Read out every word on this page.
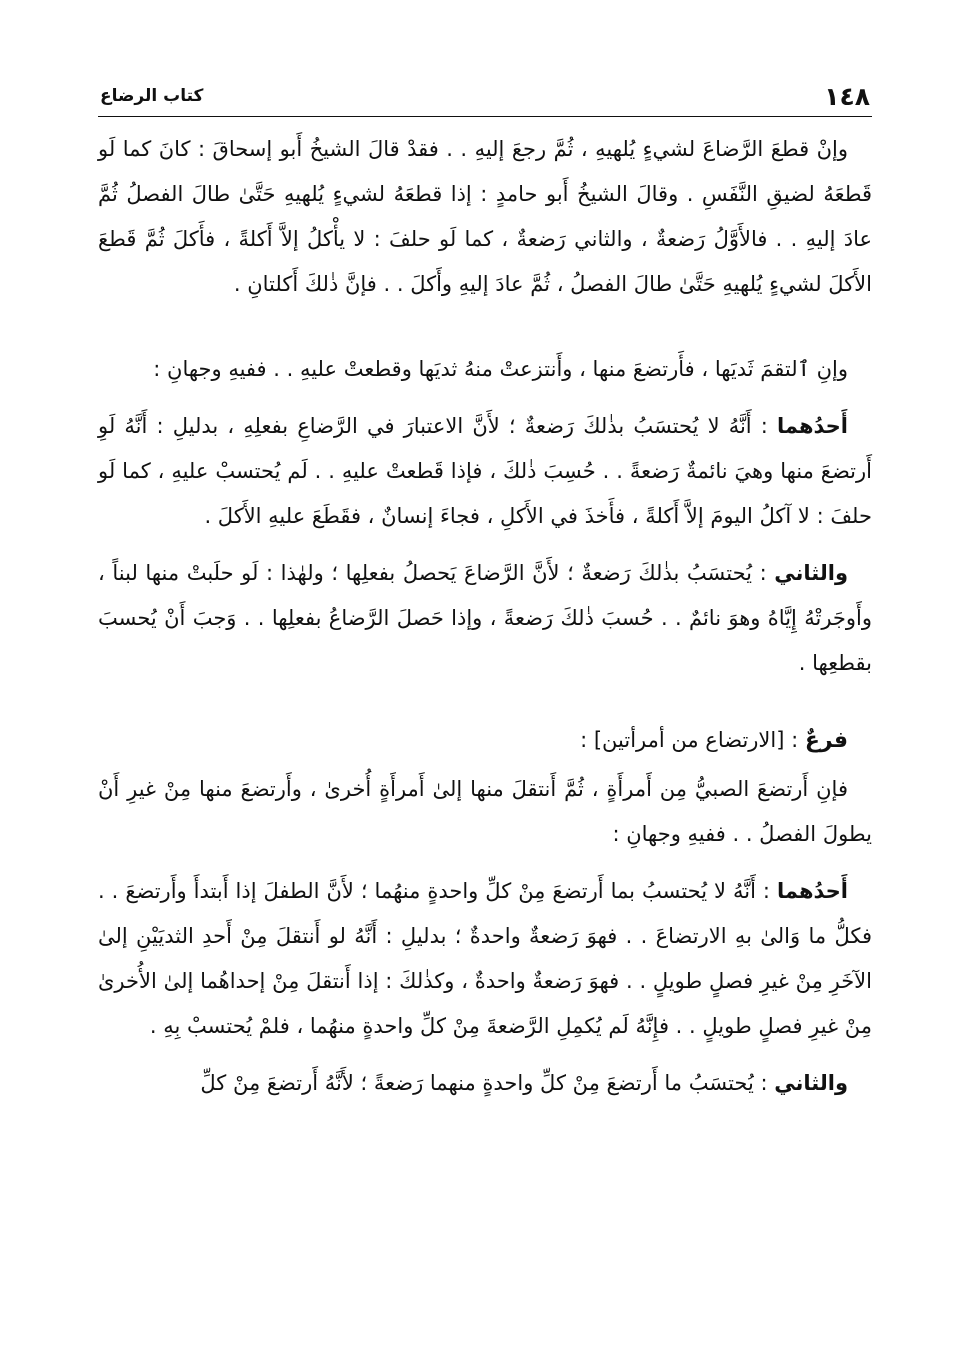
١٤٨
كتاب الرضاع

وإنْ قطعَ الرَّضاعَ لشيءٍ يُلهيهِ ، ثُمَّ رجعَ إليهِ . . فقدْ قالَ الشيخُ أَبو إسحاقَ : كانَ كما لَو قَطعَهُ لضيقِ النَّفَسِ . وقالَ الشيخُ أَبو حامدٍ : إذا قطعَهُ لشيءٍ يُلهيهِ حَتَّىٰ طالَ الفصلُ ثُمَّ عادَ إليهِ . . فالأَوَّلُ رَضعةٌ ، والثاني رَضعةٌ ، كما لَو حلفَ : لا يأْكلُ إلاَّ أَكلةً ، فأَكلَ ثُمَّ قَطعَ الأَكلَ لشيءٍ يُلهيهِ حَتَّىٰ طالَ الفصلُ ، ثُمَّ عادَ إليهِ وأَكلَ . . فإنَّ ذٰلكَ أَكلتانِ .

وإنِ ٱلتقمَ ثَديَها ، فأَرتضعَ منها ، وأَنتزعتْ منهُ ثديَها وقطعتْ عليهِ . . ففيهِ وجهانِ :

أَحدُهما : أَنَّهُ لا يُحتسَبُ بذٰلكَ رَضعةٌ ؛ لأَنَّ الاعتبارَ في الرَّضاعِ بفعلِهِ ، بدليلِ : أَنَّهُ لَوِ أَرتضعَ منها وهيَ نائمةٌ رَضعةً . . حُسِبَ ذٰلكَ ، فإذا قَطعتْ عليهِ . . لَم يُحتسبْ عليهِ ، كما لَو حلفَ : لا آكلُ اليومَ إلاَّ أَكلةً ، فأَخذَ في الأَكلِ ، فجاءَ إنسانٌ ، فقَطَعَ عليهِ الأَكلَ .

والثاني : يُحتسَبُ بذٰلكَ رَضعةٌ ؛ لأَنَّ الرَّضاعَ يَحصلُ بفعلِها ؛ ولهٰذا : لَو حلَبتْ منها لبناً ، وأَوجَرتْهُ إِيَّاهُ وهوَ نائمٌ . . حُسبَ ذٰلكَ رَضعةً ، وإذا حَصلَ الرَّضاعُ بفعلِها . . وَجبَ أَنْ يُحسبَ بقطعِها .

فرعٌ : [الارتضاع من أمرأتين] :

فإنِ أَرتضعَ الصبيُّ مِن أَمرأَةٍ ، ثُمَّ أَنتقلَ منها إلىٰ أَمرأَةٍ أُخرىٰ ، وأَرتضعَ منها مِنْ غيرِ أَنْ يطولَ الفصلُ . . ففيهِ وجهانِ :

أَحدُهما : أَنَّهُ لا يُحتسبُ بما أَرتضعَ مِنْ كلِّ واحدةٍ منهُما ؛ لأَنَّ الطفلَ إذا أَبتدأَ وأَرتضعَ . . فكلُّ ما وَالىٰ بهِ الارتضاعَ . . فهوَ رَضعةٌ واحدةٌ ؛ بدليلِ : أَنَّهُ لو أَنتقلَ مِنْ أَحدِ الثديَيْنِ إلىٰ الآخَرِ مِنْ غيرِ فصلٍ طويلٍ . . فهوَ رَضعةٌ واحدةٌ ، وكذٰلكَ : إذا أَنتقلَ مِنْ إحداهُما إلىٰ الأُخرىٰ مِنْ غيرِ فصلٍ طويلٍ . . فإِنَّهُ لَم يُكمِلِ الرَّضعةَ مِنْ كلِّ واحدةٍ منهُما ، فلمْ يُحتسبْ بِهِ .

والثاني : يُحتسَبُ ما أَرتضعَ مِنْ كلِّ واحدةٍ منهما رَضعةً ؛ لأَنَّهُ أَرتضعَ مِنْ كلِّ
